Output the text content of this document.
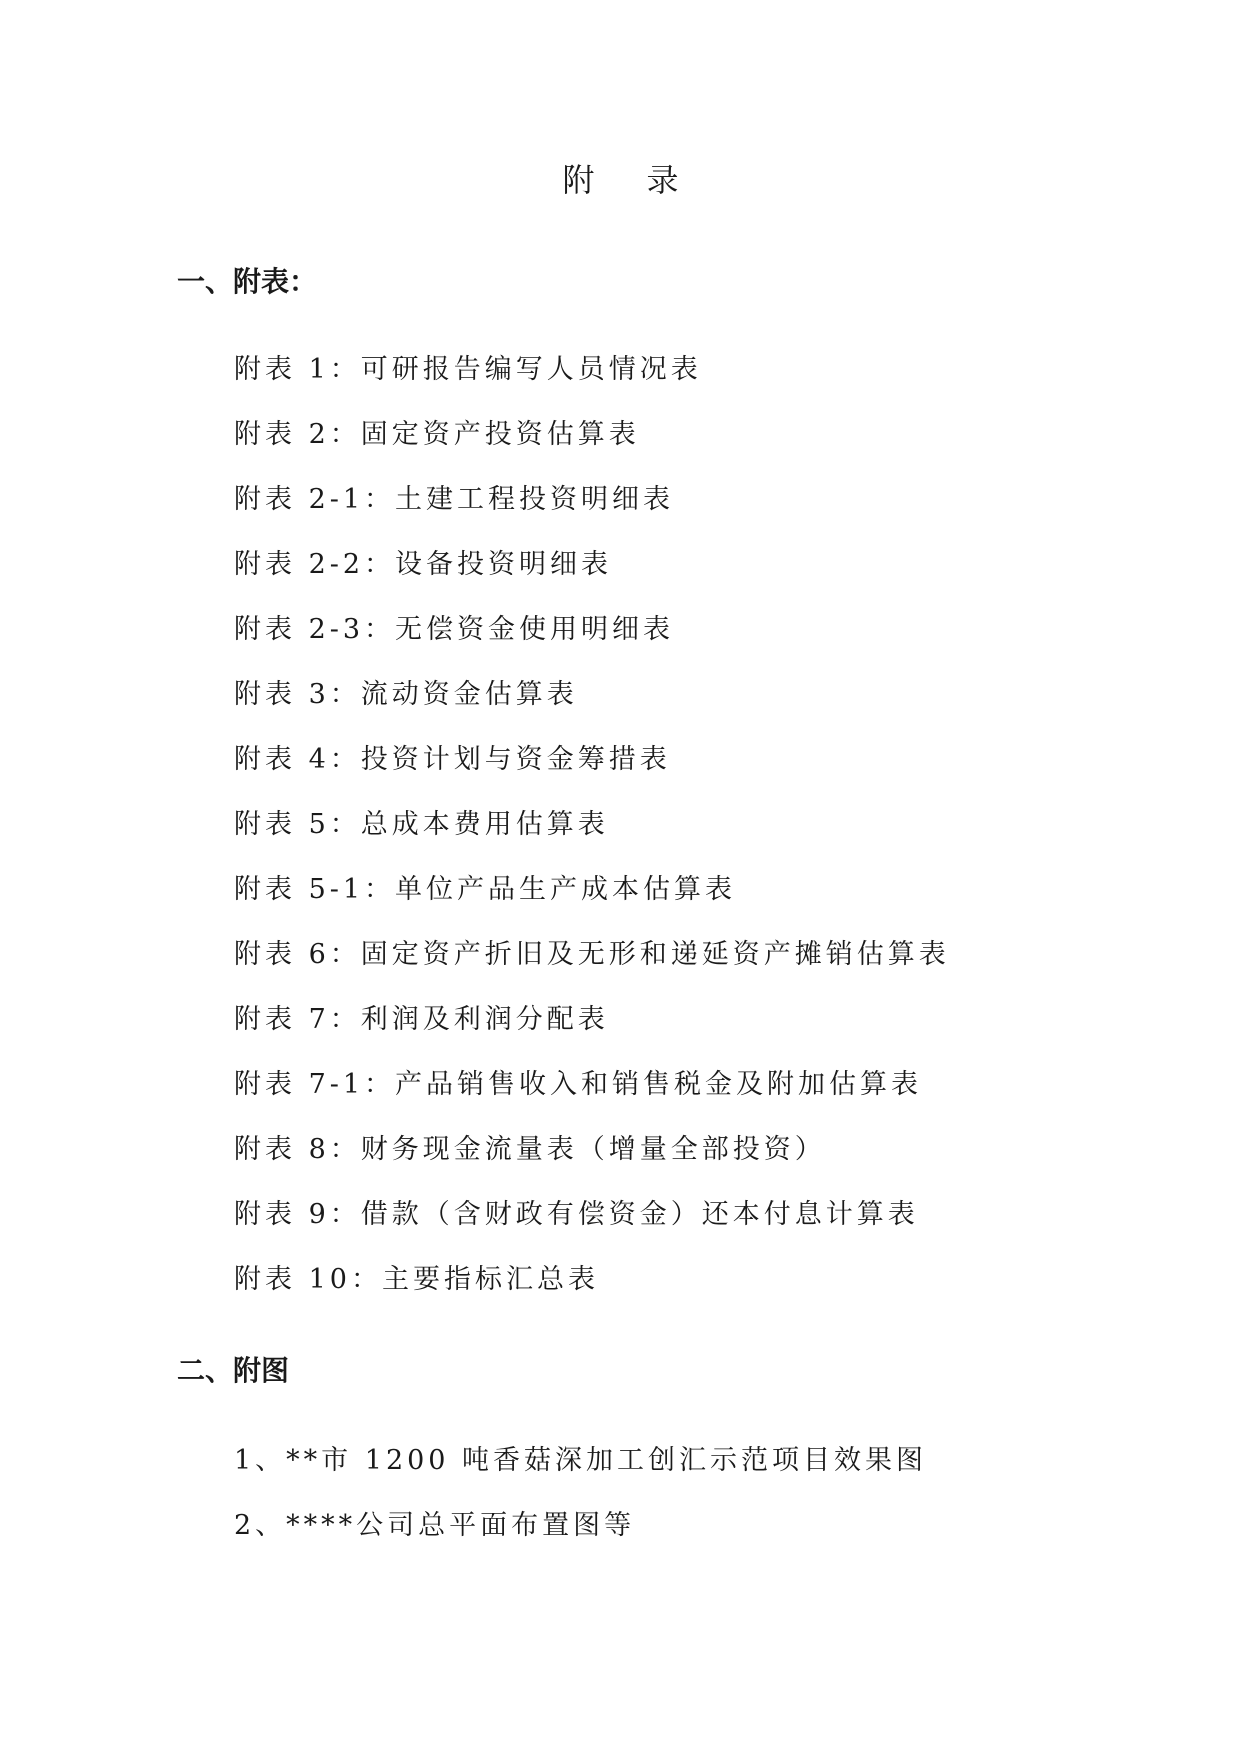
附录
一、附表：
附表 1：可研报告编写人员情况表
附表 2：固定资产投资估算表
附表 2-1：土建工程投资明细表
附表 2-2：设备投资明细表
附表 2-3：无偿资金使用明细表
附表 3：流动资金估算表
附表 4：投资计划与资金筹措表
附表 5：总成本费用估算表
附表 5-1：单位产品生产成本估算表
附表 6：固定资产折旧及无形和递延资产摊销估算表
附表 7：利润及利润分配表
附表 7-1：产品销售收入和销售税金及附加估算表
附表 8：财务现金流量表（增量全部投资）
附表 9：借款（含财政有偿资金）还本付息计算表
附表 10：主要指标汇总表
二、附图
1、**市 1200 吨香菇深加工创汇示范项目效果图
2、****公司总平面布置图等
